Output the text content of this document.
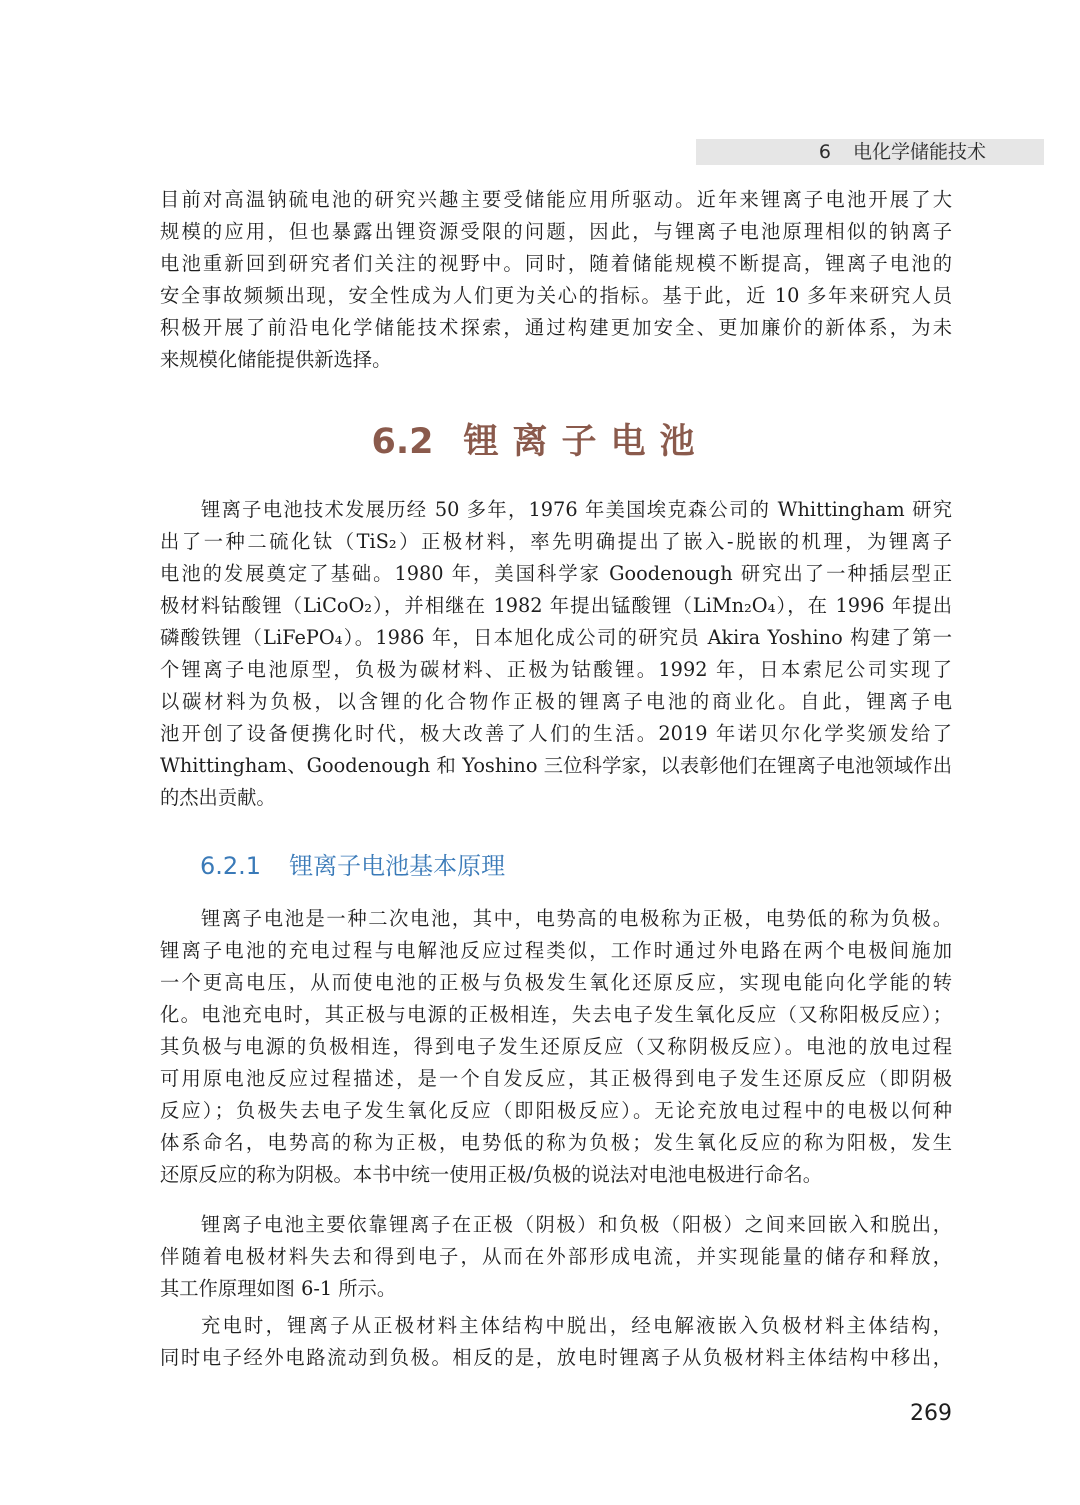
6 电化学储能技术
目前对高温钠硫电池的研究兴趣主要受储能应用所驱动。近年来锂离子电池开展了大
规模的应用，但也暴露出锂资源受限的问题，因此，与锂离子电池原理相似的钠离子
电池重新回到研究者们关注的视野中。同时，随着储能规模不断提高，锂离子电池的
安全事故频频出现，安全性成为人们更为关心的指标。基于此，近 10 多年来研究人员
积极开展了前沿电化学储能技术探索，通过构建更加安全、更加廉价的新体系，为未
来规模化储能提供新选择。
6.2 锂离子电池
锂离子电池技术发展历经 50 多年，1976 年美国埃克森公司的 Whittingham 研究
出了一种二硫化钛（TiS₂）正极材料，率先明确提出了嵌入-脱嵌的机理，为锂离子
电池的发展奠定了基础。1980 年，美国科学家 Goodenough 研究出了一种插层型正
极材料钴酸锂（LiCoO₂），并相继在 1982 年提出锰酸锂（LiMn₂O₄），在 1996 年提出
磷酸铁锂（LiFePO₄）。1986 年，日本旭化成公司的研究员 Akira Yoshino 构建了第一
个锂离子电池原型，负极为碳材料、正极为钴酸锂。1992 年，日本索尼公司实现了
以碳材料为负极，以含锂的化合物作正极的锂离子电池的商业化。自此，锂离子电
池开创了设备便携化时代，极大改善了人们的生活。2019 年诺贝尔化学奖颁发给了
Whittingham、Goodenough 和 Yoshino 三位科学家，以表彰他们在锂离子电池领域作出
的杰出贡献。
6.2.1 锂离子电池基本原理
锂离子电池是一种二次电池，其中，电势高的电极称为正极，电势低的称为负极。
锂离子电池的充电过程与电解池反应过程类似，工作时通过外电路在两个电极间施加
一个更高电压，从而使电池的正极与负极发生氧化还原反应，实现电能向化学能的转
化。电池充电时，其正极与电源的正极相连，失去电子发生氧化反应（又称阳极反应）；
其负极与电源的负极相连，得到电子发生还原反应（又称阴极反应）。电池的放电过程
可用原电池反应过程描述，是一个自发反应，其正极得到电子发生还原反应（即阴极
反应）；负极失去电子发生氧化反应（即阳极反应）。无论充放电过程中的电极以何种
体系命名，电势高的称为正极，电势低的称为负极；发生氧化反应的称为阳极，发生
还原反应的称为阴极。本书中统一使用正极/负极的说法对电池电极进行命名。
锂离子电池主要依靠锂离子在正极（阴极）和负极（阳极）之间来回嵌入和脱出，
伴随着电极材料失去和得到电子，从而在外部形成电流，并实现能量的储存和释放，
其工作原理如图 6-1 所示。
充电时，锂离子从正极材料主体结构中脱出，经电解液嵌入负极材料主体结构，
同时电子经外电路流动到负极。相反的是，放电时锂离子从负极材料主体结构中移出，
269
